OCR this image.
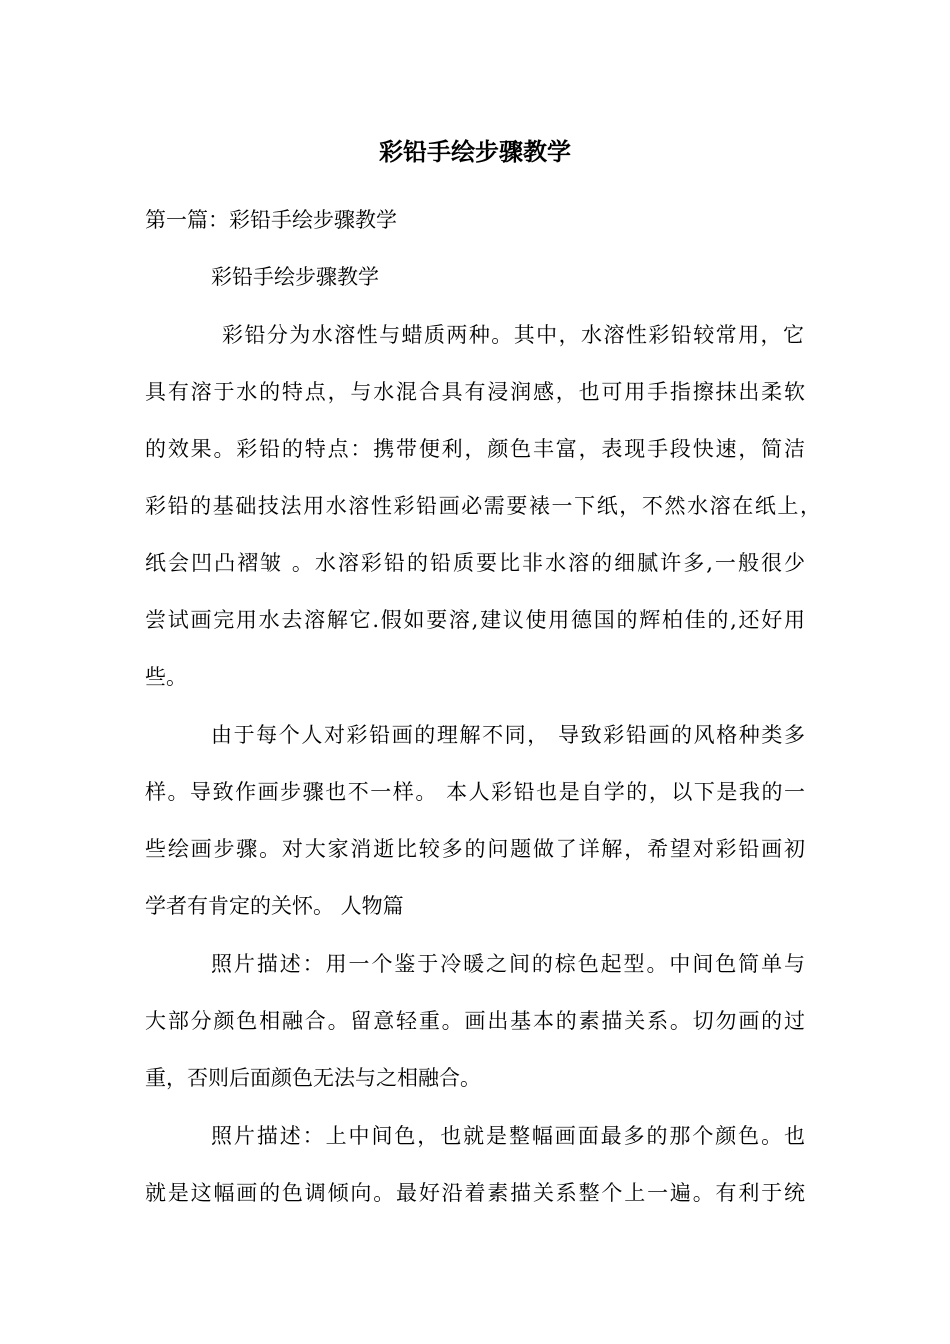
彩铅手绘步骤教学
第一篇：彩铅手绘步骤教学
彩铅手绘步骤教学
彩铅分为水溶性与蜡质两种。其中，水溶性彩铅较常用，它
具有溶于水的特点，与水混合具有浸润感，也可用手指擦抹出柔软
的效果。彩铅的特点：携带便利，颜色丰富，表现手段快速，简洁
彩铅的基础技法用水溶性彩铅画必需要裱一下纸，不然水溶在纸上，
纸会凹凸褶皱 。水溶彩铅的铅质要比非水溶的细腻许多,一般很少
尝试画完用水去溶解它.假如要溶,建议使用德国的辉柏佳的,还好用
些。
由于每个人对彩铅画的理解不同， 导致彩铅画的风格种类多
样。导致作画步骤也不一样。 本人彩铅也是自学的，以下是我的一
些绘画步骤。对大家消逝比较多的问题做了详解，希望对彩铅画初
学者有肯定的关怀。 人物篇
照片描述：用一个鉴于冷暖之间的棕色起型。中间色简单与
大部分颜色相融合。留意轻重。画出基本的素描关系。切勿画的过
重，否则后面颜色无法与之相融合。
照片描述：上中间色，也就是整幅画面最多的那个颜色。也
就是这幅画的色调倾向。最好沿着素描关系整个上一遍。有利于统
